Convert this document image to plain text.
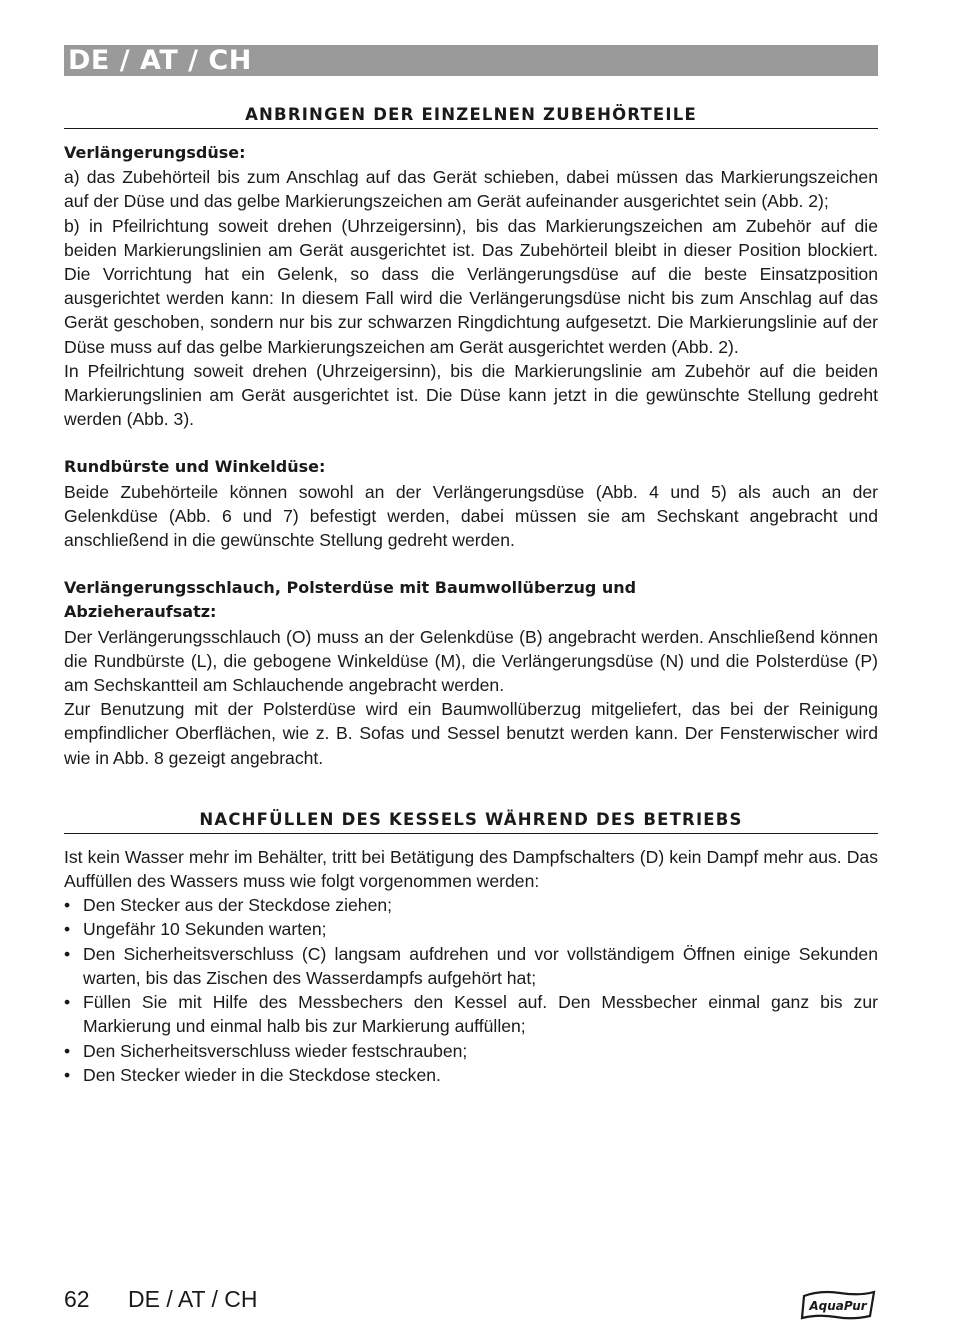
DE / AT / CH
ANBRINGEN DER EINZELNEN ZUBEHÖRTEILE
Verlängerungsdüse:

a) das Zubehörteil bis zum Anschlag auf das Gerät schieben, dabei müssen das Markierungszeichen auf der Düse und das gelbe Markierungszeichen am Gerät aufeinander ausgerichtet sein (Abb. 2);

b) in Pfeilrichtung soweit drehen (Uhrzeigersinn), bis das Markierungszeichen am Zubehör auf die beiden Markierungslinien am Gerät ausgerichtet ist. Das Zubehörteil bleibt in dieser Position blockiert. Die Vorrichtung hat ein Gelenk, so dass die Verlängerungsdüse auf die beste Einsatzposition ausgerichtet werden kann: In diesem Fall wird die Verlängerungsdüse nicht bis zum Anschlag auf das Gerät geschoben, sondern nur bis zur schwarzen Ringdichtung aufgesetzt. Die Markierungslinie auf der Düse muss auf das gelbe Markierungszeichen am Gerät ausgerichtet werden (Abb. 2).

In Pfeilrichtung soweit drehen (Uhrzeigersinn), bis die Markierungslinie am Zubehör auf die beiden Markierungslinien am Gerät ausgerichtet ist. Die Düse kann jetzt in die gewünschte Stellung gedreht werden (Abb. 3).

Rundbürste und Winkeldüse:

Beide Zubehörteile können sowohl an der Verlängerungsdüse (Abb. 4 und 5) als auch an der Gelenkdüse (Abb. 6 und 7) befestigt werden, dabei müssen sie am Sechskant angebracht und anschließend in die gewünschte Stellung gedreht werden.

Verlängerungsschlauch, Polsterdüse mit Baumwollüberzug und
Abzieheraufsatz:

Der Verlängerungsschlauch (O) muss an der Gelenkdüse (B) angebracht werden. Anschließend können die Rundbürste (L), die gebogene Winkeldüse (M), die Verlängerungsdüse (N) und die Polsterdüse (P) am Sechskantteil am Schlauchende angebracht werden.

Zur Benutzung mit der Polsterdüse wird ein Baumwollüberzug mitgeliefert, das bei der Reinigung empfindlicher Oberflächen, wie z. B. Sofas und Sessel benutzt werden kann. Der Fensterwischer wird wie in Abb. 8 gezeigt angebracht.

NACHFÜLLEN DES KESSELS WÄHREND DES BETRIEBS

Ist kein Wasser mehr im Behälter, tritt bei Betätigung des Dampfschalters (D) kein Dampf mehr aus. Das Auffüllen des Wassers muss wie folgt vorgenommen werden:

• Den Stecker aus der Steckdose ziehen;
• Ungefähr 10 Sekunden warten;
• Den Sicherheitsverschluss (C) langsam aufdrehen und vor vollständigem Öffnen einige Sekunden warten, bis das Zischen des Wasserdampfs aufgehört hat;
• Füllen Sie mit Hilfe des Messbechers den Kessel auf. Den Messbecher einmal ganz bis zur Markierung und einmal halb bis zur Markierung auffüllen;
• Den Sicherheitsverschluss wieder festschrauben;
• Den Stecker wieder in die Steckdose stecken.
62 DE / AT / CH	AquaPur
